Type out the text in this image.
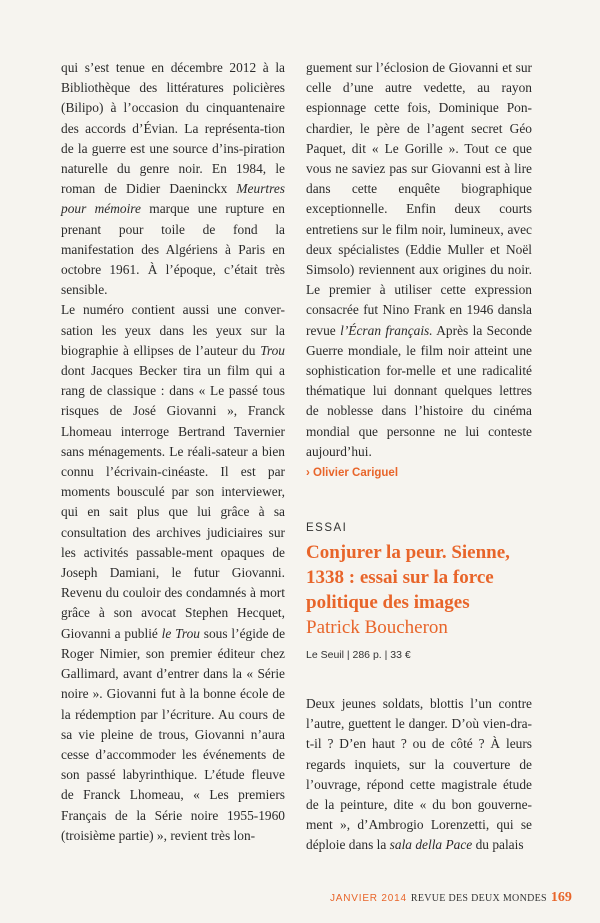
qui s’est tenue en décembre 2012 à la Bibliothèque des littératures policières (Bilipo) à l’occasion du cinquantenaire des accords d’Évian. La représenta-tion de la guerre est une source d’ins-piration naturelle du genre noir. En 1984, le roman de Didier Daeninckx Meurtres pour mémoire marque une rupture en prenant pour toile de fond la manifestation des Algériens à Paris en octobre 1961. À l’époque, c’était très sensible.

Le numéro contient aussi une conver-sation les yeux dans les yeux sur la biographie à ellipses de l’auteur du Trou dont Jacques Becker tira un film qui a rang de classique : dans « Le passé tous risques de José Giovanni », Franck Lhomeau interroge Bertrand Tavernier sans ménagements. Le réali-sateur a bien connu l’écrivain-cinéaste. Il est par moments bousculé par son interviewer, qui en sait plus que lui grâce à sa consultation des archives judiciaires sur les activités passable-ment opaques de Joseph Damiani, le futur Giovanni. Revenu du couloir des condamnés à mort grâce à son avocat Stephen Hecquet, Giovanni a publié le Trou sous l’égide de Roger Nimier, son premier éditeur chez Gallimard, avant d’entrer dans la « Série noire ». Giovanni fut à la bonne école de la rédemption par l’écriture. Au cours de sa vie pleine de trous, Giovanni n’aura cesse d’accommoder les événements de son passé labyrinthique. L’étude fleuve de Franck Lhomeau, « Les premiers Français de la Série noire 1955-1960 (troisième partie) », revient très lon-

guement sur l’éclosion de Giovanni et sur celle d’une autre vedette, au rayon espionnage cette fois, Dominique Pon-chardier, le père de l’agent secret Géo Paquet, dit « Le Gorille ». Tout ce que vous ne saviez pas sur Giovanni est à lire dans cette enquête biographique exceptionnelle. Enfin deux courts entretiens sur le film noir, lumineux, avec deux spécialistes (Eddie Muller et Noël Simsolo) reviennent aux origines du noir. Le premier à utiliser cette expression consacrée fut Nino Frank en 1946 dansla revue l’Écran français. Après la Seconde Guerre mondiale, le film noir atteint une sophistication for-melle et une radicalité thématique lui donnant quelques lettres de noblesse dans l’histoire du cinéma mondial que personne ne lui conteste aujourd’hui.

› Olivier Cariguel
ESSAI
Conjurer la peur. Sienne, 1338 : essai sur la force politique des images
Patrick Boucheron
Le Seuil | 286 p. | 33 €

Deux jeunes soldats, blottis l’un contre l’autre, guettent le danger. D’où vien-dra-t-il ? D’en haut ? ou de côté ? À leurs regards inquiets, sur la couverture de l’ouvrage, répond cette magistrale étude de la peinture, dite « du bon gouverne-ment », d’Ambrogio Lorenzetti, qui se déploie dans la sala della Pace du palais

JANVIER 2014 REVUE DES DEUX MONDES 169
